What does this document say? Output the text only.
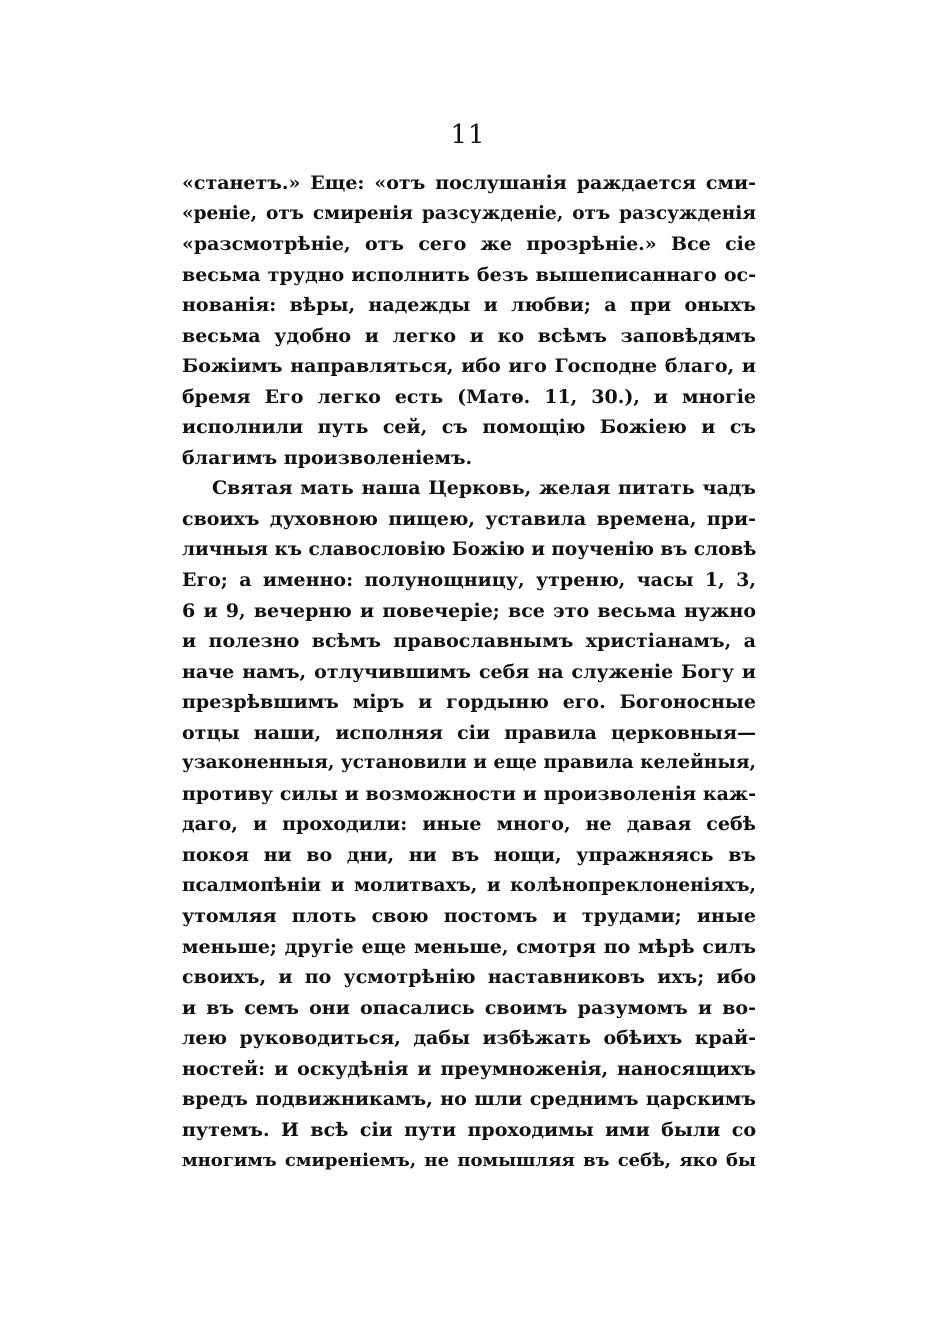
11
«станетъ.» Еще: «отъ послушанія раждается сми-
«реніе, отъ смиренія разсужденіе, отъ разсужденія
«разсмотрѣніе, отъ сего же прозрѣніе.» Все сіе
весьма трудно исполнить безъ вышеписаннаго ос-
нованія: вѣры, надежды и любви; а при оныхъ
весьма удобно и легко и ко всѣмъ заповѣдямъ
Божіимъ направляться, ибо иго Господне благо, и
бремя Его легко есть (Матѳ. 11, 30.), и многіе
исполнили путь сей, съ помощію Божіею и съ
благимъ произволеніемъ.
Святая мать наша Церковь, желая питать чадъ
своихъ духовною пищею, уставила времена, при-
личныя къ славословію Божію и поученію въ словѣ
Его; а именно: полунощницу, утреню, часы 1, 3,
6 и 9, вечерню и повечеріе; все это весьма нужно
и полезно всѣмъ православнымъ христіанамъ, а
наче намъ, отлучившимъ себя на служеніе Богу и
презрѣвшимъ міръ и гордыню его. Богоносные
отцы наши, исполняя сіи правила церковныя—
узаконенныя, установили и еще правила келейныя,
противу силы и возможности и произволенія каж-
даго, и проходили: иные много, не давая себѣ
покоя ни во дни, ни въ нощи, упражняясь въ
псалмопѣніи и молитвахъ, и колѣнопреклоненіяхъ,
утомляя плоть свою постомъ и трудами; иные
меньше; другіе еще меньше, смотря по мѣрѣ силъ
своихъ, и по усмотрѣнію наставниковъ ихъ; ибо
и въ семъ они опасались своимъ разумомъ и во-
лею руководиться, дабы избѣжать обѣихъ край-
ностей: и оскудѣнія и преумноженія, наносящихъ
вредъ подвижникамъ, но шли среднимъ царскимъ
путемъ. И всѣ сіи пути проходимы ими были со
многимъ смиреніемъ, не помышляя въ себѣ, яко бы
